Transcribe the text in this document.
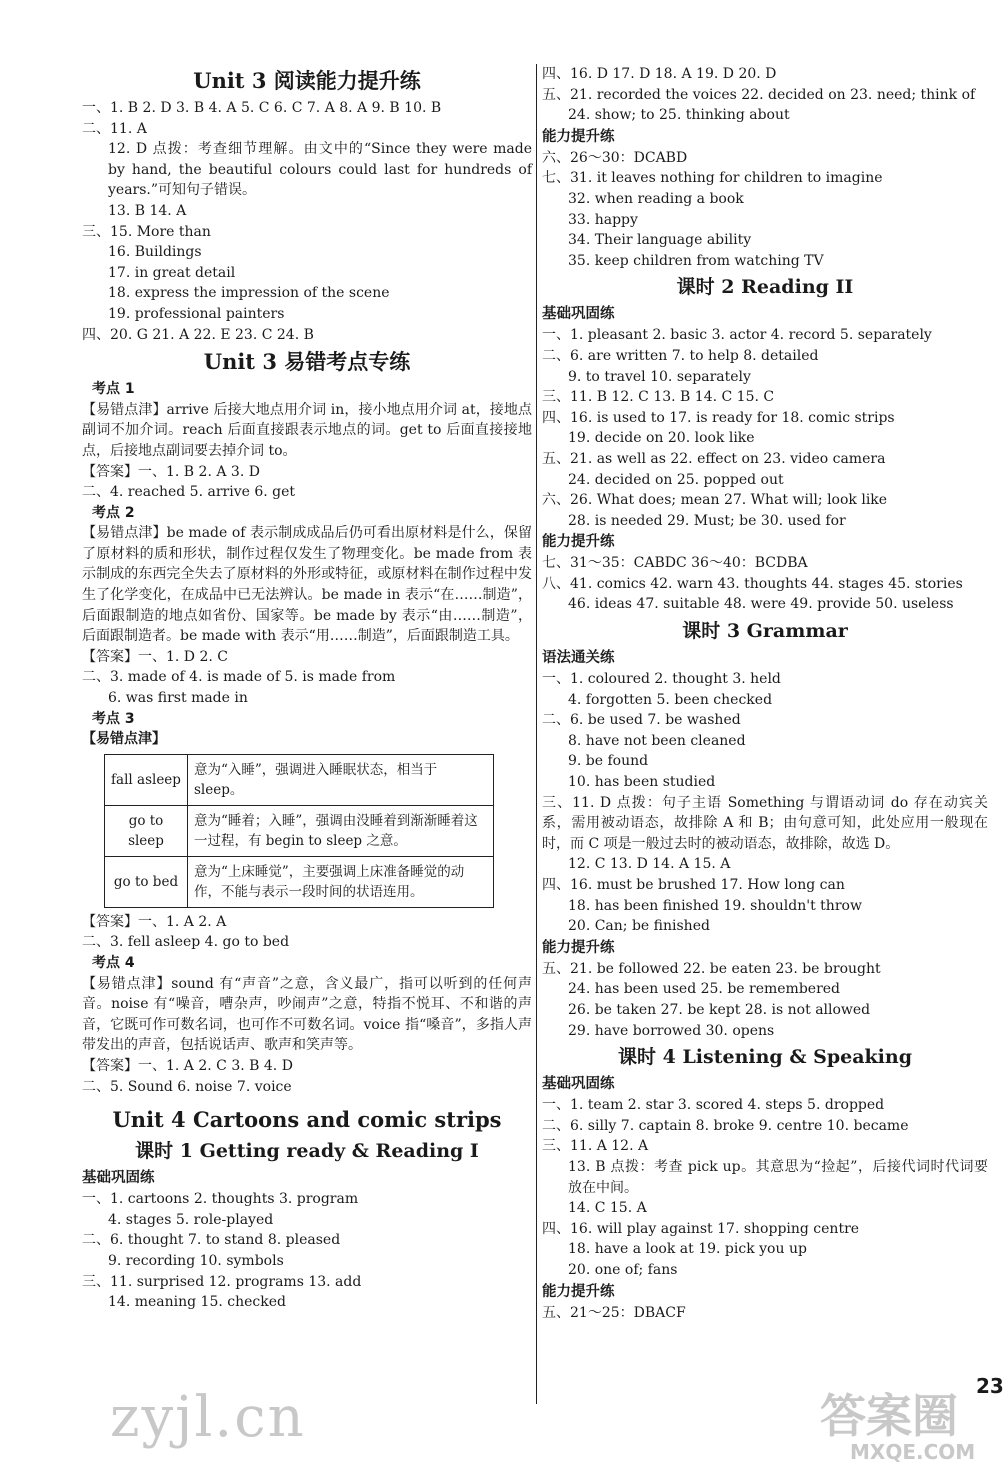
Unit 3 阅读能力提升练
一、1. B 2. D 3. B 4. A 5. C 6. C 7. A 8. A 9. B 10. B
二、11. A
12. D 点拨：考查细节理解。由文中的“Since they were made by hand, the beautiful colours could last for hundreds of years.”可知句子错误。
13. B 14. A
三、15. More than
16. Buildings
17. in great detail
18. express the impression of the scene
19. professional painters
四、20. G 21. A 22. E 23. C 24. B
Unit 3 易错考点专练
考点 1
【易错点津】arrive 后接大地点用介词 in，接小地点用介词 at，接地点副词不加介词。reach 后面直接跟表示地点的词。get to 后面直接接地点，后接地点副词要去掉介词 to。
【答案】一、1. B 2. A 3. D
二、4. reached 5. arrive 6. get
考点 2
【易错点津】be made of 表示制成成品后仍可看出原材料是什么，保留了原材料的质和形状，制作过程仅发生了物理变化。be made from 表示制成的东西完全失去了原材料的外形或特征，或原材料在制作过程中发生了化学变化，在成品中已无法辨认。be made in 表示“在……制造”，后面跟制造的地点如省份、国家等。be made by 表示“由……制造”，后面跟制造者。be made with 表示“用……制造”，后面跟制造工具。
【答案】一、1. D 2. C
二、3. made of 4. is made of 5. is made from
6. was first made in
考点 3
【易错点津】
fall asleep	意为“入睡”，强调进入睡眠状态，相当于 sleep。
go to sleep	意为“睡着；入睡”，强调由没睡着到渐渐睡着这一过程，有 begin to sleep 之意。
go to bed	意为“上床睡觉”，主要强调上床准备睡觉的动作，不能与表示一段时间的状语连用。
【答案】一、1. A 2. A
二、3. fell asleep 4. go to bed
考点 4
【易错点津】sound 有“声音”之意，含义最广，指可以听到的任何声音。noise 有“噪音，嘈杂声，吵闹声”之意，特指不悦耳、不和谐的声音，它既可作可数名词，也可作不可数名词。voice 指“嗓音”，多指人声带发出的声音，包括说话声、歌声和笑声等。
【答案】一、1. A 2. C 3. B 4. D
二、5. Sound 6. noise 7. voice
Unit 4 Cartoons and comic strips
课时 1 Getting ready & Reading I
基础巩固练
一、1. cartoons 2. thoughts 3. program
4. stages 5. role-played
二、6. thought 7. to stand 8. pleased
9. recording 10. symbols
三、11. surprised 12. programs 13. add
14. meaning 15. checked
四、16. D 17. D 18. A 19. D 20. D
五、21. recorded the voices 22. decided on 23. need; think of
24. show; to 25. thinking about
能力提升练
六、26～30：DCABD
七、31. it leaves nothing for children to imagine
32. when reading a book
33. happy
34. Their language ability
35. keep children from watching TV
课时 2 Reading II
基础巩固练
一、1. pleasant 2. basic 3. actor 4. record 5. separately
二、6. are written 7. to help 8. detailed
9. to travel 10. separately
三、11. B 12. C 13. B 14. C 15. C
四、16. is used to 17. is ready for 18. comic strips
19. decide on 20. look like
五、21. as well as 22. effect on 23. video camera
24. decided on 25. popped out
六、26. What does; mean 27. What will; look like
28. is needed 29. Must; be 30. used for
能力提升练
七、31～35：CABDC 36～40：BCDBA
八、41. comics 42. warn 43. thoughts 44. stages 45. stories
46. ideas 47. suitable 48. were 49. provide 50. useless
课时 3 Grammar
语法通关练
一、1. coloured 2. thought 3. held
4. forgotten 5. been checked
二、6. be used 7. be washed
8. have not been cleaned
9. be found
10. has been studied
三、11. D 点拨：句子主语 Something 与谓语动词 do 存在动宾关系，需用被动语态，故排除 A 和 B；由句意可知，此处应用一般现在时，而 C 项是一般过去时的被动语态，故排除，故选 D。
12. C 13. D 14. A 15. A
四、16. must be brushed 17. How long can
18. has been finished 19. shouldn't throw
20. Can; be finished
能力提升练
五、21. be followed 22. be eaten 23. be brought
24. has been used 25. be remembered
26. be taken 27. be kept 28. is not allowed
29. have borrowed 30. opens
课时 4 Listening & Speaking
基础巩固练
一、1. team 2. star 3. scored 4. steps 5. dropped
二、6. silly 7. captain 8. broke 9. centre 10. became
三、11. A 12. A
13. B 点拨：考查 pick up。其意思为“捡起”，后接代词时代词要放在中间。
14. C 15. A
四、16. will play against 17. shopping centre
18. have a look at 19. pick you up
20. one of; fans
能力提升练
五、21～25：DBACF
zyjl.cn	答案圈
MXQE.COM
23
